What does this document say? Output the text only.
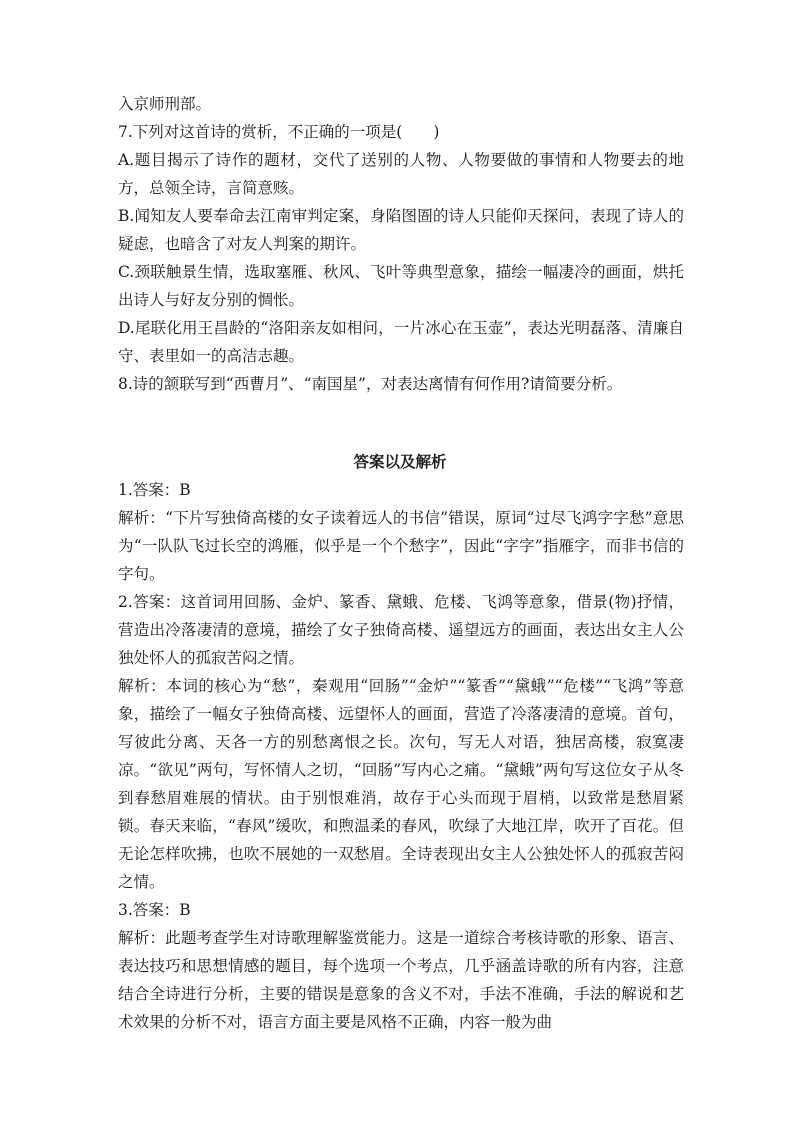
入京师刑部。

7.下列对这首诗的赏析，不正确的一项是(　　)

A.题目揭示了诗作的题材，交代了送别的人物、人物要做的事情和人物要去的地方，总领全诗，言简意赅。

B.闻知友人要奉命去江南审判定案，身陷图圄的诗人只能仰天探问，表现了诗人的疑虑，也暗含了对友人判案的期许。

C.颈联触景生情，选取塞雁、秋风、飞叶等典型意象，描绘一幅凄冷的画面，烘托出诗人与好友分别的惆怅。

D.尾联化用王昌龄的“洛阳亲友如相问，一片冰心在玉壶”，表达光明磊落、清廉自守、表里如一的高洁志趣。

8.诗的颔联写到“西曹月”、“南国星”，对表达离情有何作用?请简要分析。

答案以及解析

1.答案：B

解析：“下片写独倚高楼的女子读着远人的书信”错误，原词“过尽飞鸿字字愁”意思为“一队队飞过长空的鸿雁，似乎是一个个愁字”，因此“字字”指雁字，而非书信的字句。

2.答案：这首词用回肠、金炉、篆香、黛蛾、危楼、飞鸿等意象，借景(物)抒情，营造出冷落凄清的意境，描绘了女子独倚高楼、遥望远方的画面，表达出女主人公独处怀人的孤寂苦闷之情。

解析：本词的核心为“愁”，秦观用“回肠”“金炉”“篆香”“黛蛾”“危楼”“飞鸿”等意象，描绘了一幅女子独倚高楼、远望怀人的画面，营造了冷落凄清的意境。首句，写彼此分离、天各一方的别愁离恨之长。次句，写无人对语，独居高楼，寂寞凄凉。“欲见”两句，写怀情人之切，“回肠”写内心之痛。“黛蛾”两句写这位女子从冬到春愁眉难展的情状。由于别恨难消，故存于心头而现于眉梢，以致常是愁眉紧锁。春天来临，“春风”缓吹，和煦温柔的春风，吹绿了大地江岸，吹开了百花。但无论怎样吹拂，也吹不展她的一双愁眉。全诗表现出女主人公独处怀人的孤寂苦闷之情。

3.答案：B

解析：此题考查学生对诗歌理解鉴赏能力。这是一道综合考核诗歌的形象、语言、表达技巧和思想情感的题目，每个选项一个考点，几乎涵盖诗歌的所有内容，注意结合全诗进行分析，主要的错误是意象的含义不对，手法不准确，手法的解说和艺术效果的分析不对，语言方面主要是风格不正确，内容一般为曲
